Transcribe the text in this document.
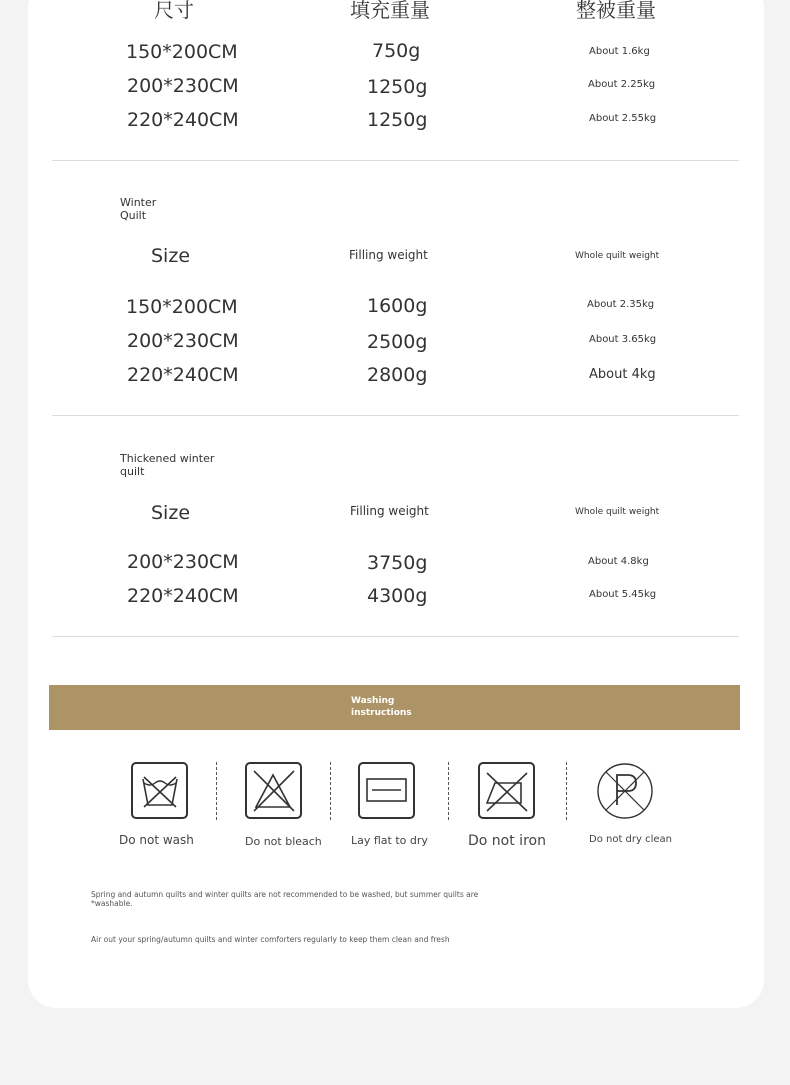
尺寸	填充重量	整被重量
150*200CM	750g	About 1.6kg
200*230CM	1250g	About 2.25kg
220*240CM	1250g	About 2.55kg
Winter
Quilt
Size	Filling weight	Whole quilt weight
150*200CM	1600g	About 2.35kg
200*230CM	2500g	About 3.65kg
220*240CM	2800g	About 4kg
Thickened winter
quilt
Size	Filling weight	Whole quilt weight
200*230CM	3750g	About 4.8kg
220*240CM	4300g	About 5.45kg
Washing
instructions
Do not wash	Do not bleach	Lay flat to dry	Do not iron	Do not dry clean
Spring and autumn quilts and winter quilts are not recommended to be washed, but summer quilts are *washable.
Air out your spring/autumn quilts and winter comforters regularly to keep them clean and fresh
